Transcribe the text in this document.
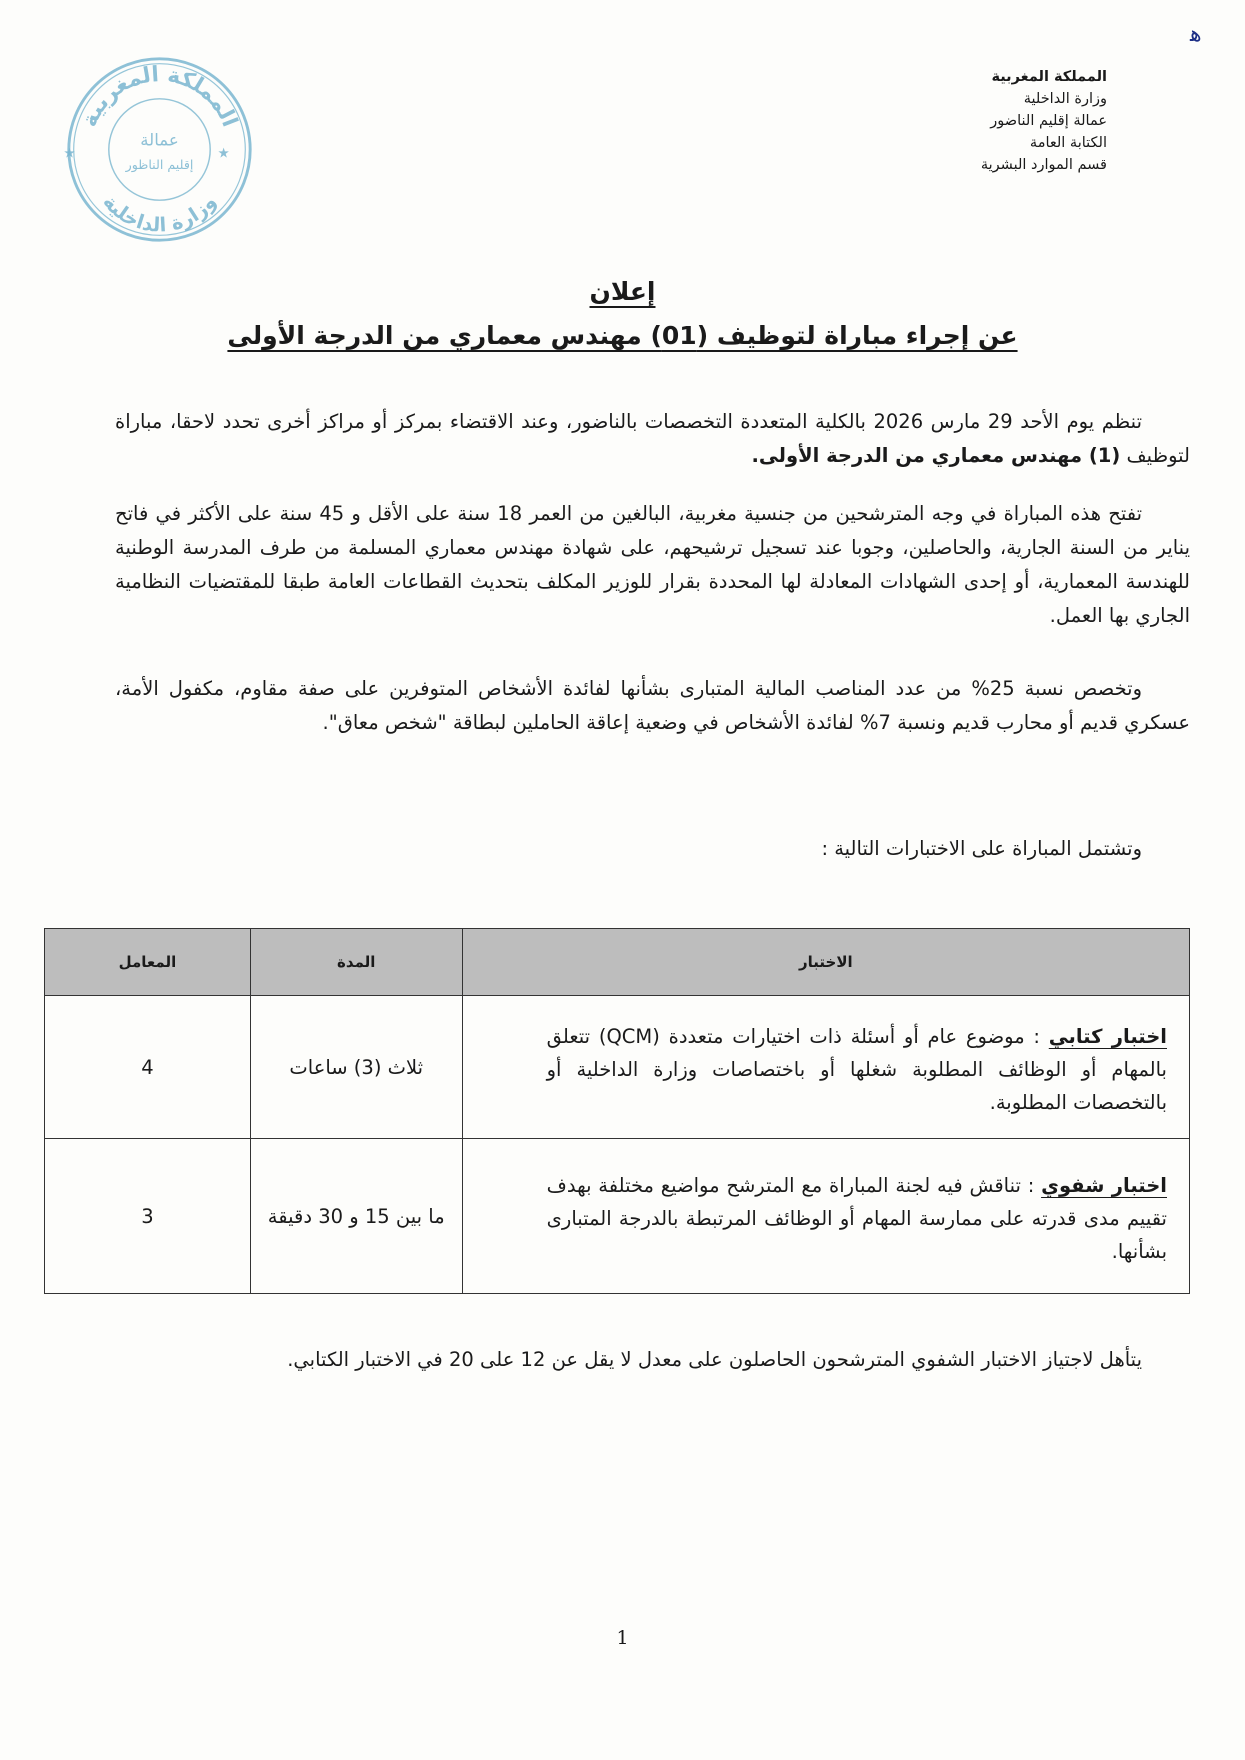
ﻫ
المملكة المغربية
وزارة الداخلية
عمالة إقليم الناضور
الكتابة العامة
قسم الموارد البشرية
المملكة المغربية
وزارة الداخلية
عمالة
إقليم الناظور
★	★
إعلان
عن إجراء مباراة لتوظيف (01) مهندس معماري من الدرجة الأولى
تنظم يوم الأحد 29 مارس 2026 بالكلية المتعددة التخصصات بالناضور، وعند الاقتضاء بمركز أو مراكز أخرى تحدد لاحقا، مباراة لتوظيف (1) مهندس معماري من الدرجة الأولى.
تفتح هذه المباراة في وجه المترشحين من جنسية مغربية، البالغين من العمر 18 سنة على الأقل و 45 سنة على الأكثر في فاتح يناير من السنة الجارية، والحاصلين، وجوبا عند تسجيل ترشيحهم، على شهادة مهندس معماري المسلمة من طرف المدرسة الوطنية للهندسة المعمارية، أو إحدى الشهادات المعادلة لها المحددة بقرار للوزير المكلف بتحديث القطاعات العامة طبقا للمقتضيات النظامية الجاري بها العمل.
وتخصص نسبة 25% من عدد المناصب المالية المتبارى بشأنها لفائدة الأشخاص المتوفرين على صفة مقاوم، مكفول الأمة، عسكري قديم أو محارب قديم ونسبة 7% لفائدة الأشخاص في وضعية إعاقة الحاملين لبطاقة "شخص معاق".
وتشتمل المباراة على الاختبارات التالية :
الاختبار	المدة	المعامل
اختبار كتابي : موضوع عام أو أسئلة ذات اختيارات متعددة (QCM) تتعلق بالمهام أو الوظائف المطلوبة شغلها أو باختصاصات وزارة الداخلية أو بالتخصصات المطلوبة.	ثلاث (3) ساعات	4
اختبار شفوي : تناقش فيه لجنة المباراة مع المترشح مواضيع مختلفة بهدف تقييم مدى قدرته على ممارسة المهام أو الوظائف المرتبطة بالدرجة المتبارى بشأنها.	ما بين 15 و 30 دقيقة	3
يتأهل لاجتياز الاختبار الشفوي المترشحون الحاصلون على معدل لا يقل عن 12 على 20 في الاختبار الكتابي.
1
